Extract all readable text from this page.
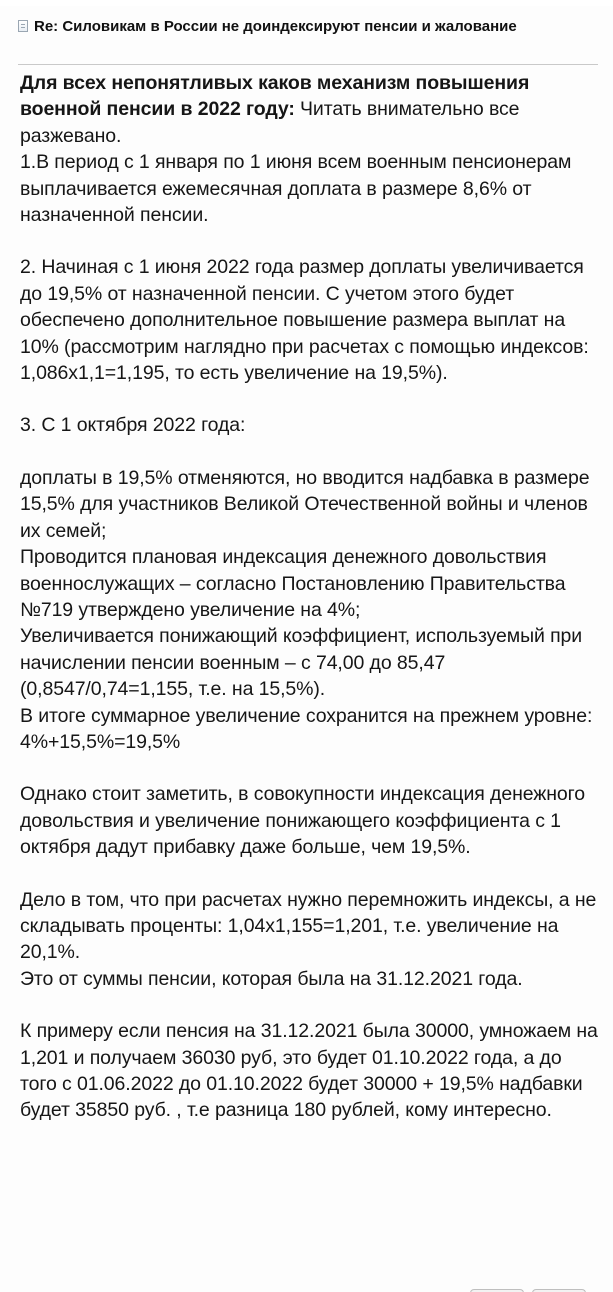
Re: Силовикам в России не доиндексируют пенсии и жалование

Для всех непонятливых каков механизм повышения военной пенсии в 2022 году: Читать внимательно все разжевано.

1.В период с 1 января по 1 июня всем военным пенсионерам выплачивается ежемесячная доплата в размере 8,6% от назначенной пенсии.

2. Начиная с 1 июня 2022 года размер доплаты увеличивается до 19,5% от назначенной пенсии. С учетом этого будет обеспечено дополнительное повышение размера выплат на 10% (рассмотрим наглядно при расчетах с помощью индексов: 1,086х1,1=1,195, то есть увеличение на 19,5%).

3. С 1 октября 2022 года:

доплаты в 19,5% отменяются, но вводится надбавка в размере 15,5% для участников Великой Отечественной войны и членов их семей;

Проводится плановая индексация денежного довольствия военнослужащих – согласно Постановлению Правительства №719 утверждено увеличение на 4%;

Увеличивается понижающий коэффициент, используемый при начислении пенсии военным – с 74,00 до 85,47 (0,8547/0,74=1,155, т.е. на 15,5%).

В итоге суммарное увеличение сохранится на прежнем уровне: 4%+15,5%=19,5%

Однако стоит заметить, в совокупности индексация денежного довольствия и увеличение понижающего коэффициента с 1 октября дадут прибавку даже больше, чем 19,5%.

Дело в том, что при расчетах нужно перемножить индексы, а не складывать проценты: 1,04х1,155=1,201, т.е. увеличение на 20,1%.

Это от суммы пенсии, которая была на 31.12.2021 года.

К примеру если пенсия на 31.12.2021 была 30000, умножаем на 1,201 и получаем 36030 руб, это будет 01.10.2022 года, а до того с 01.06.2022 до 01.10.2022 будет 30000 + 19,5% надбавки будет 35850 руб. , т.е разница 180 рублей, кому интересно.
